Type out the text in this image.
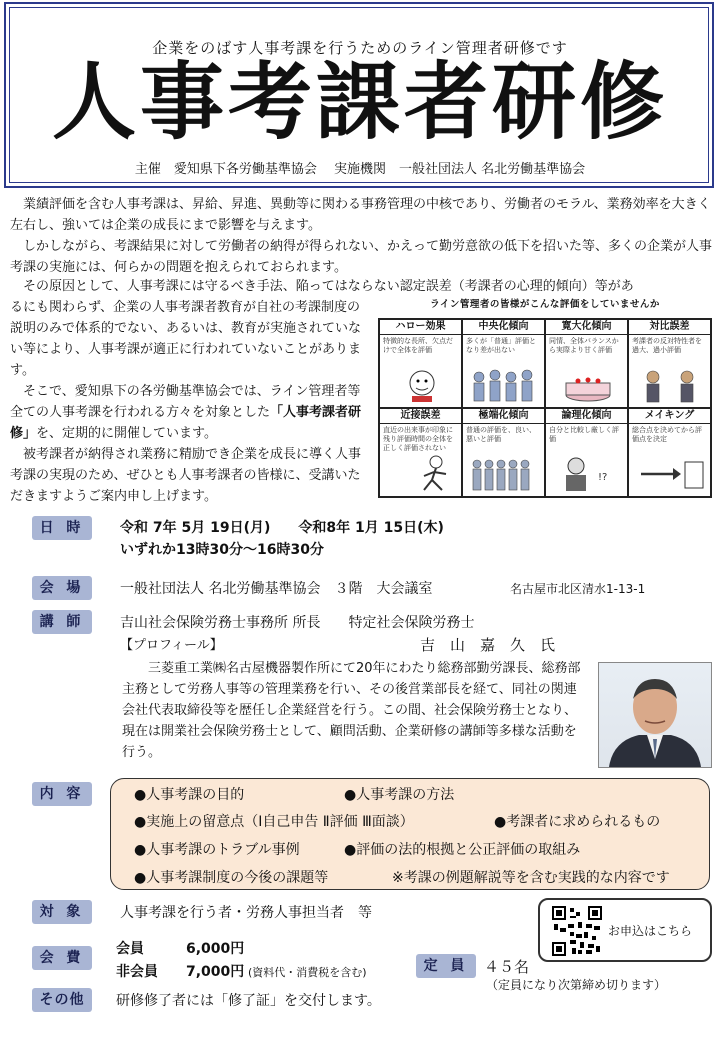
企業をのばす人事考課を行うためのライン管理者研修です
人事考課者研修
主催　愛知県下各労働基準協会　 実施機関　一般社団法人 名北労働基準協会
　業績評価を含む人事考課は、昇給、昇進、異動等に関わる事務管理の中核であり、労働者のモラル、業務効率を大きく左右し、強いては企業の成長にまで影響を与えます。
　しかしながら、考課結果に対して労働者の納得が得られない、かえって勤労意欲の低下を招いた等、多くの企業が人事考課の実施には、何らかの問題を抱えられておられます。
　その原因として、人事考課には守るべき手法、陥ってはならない認定誤差（考課者の心理的傾向）等があ
るにも関わらず、企業の人事考課者教育が自社の考課制度の説明のみで体系的でない、あるいは、教育が実施されていない等により、人事考課が適正に行われていないことがあります。
　そこで、愛知県下の各労働基準協会では、ライン管理者等全ての人事考課を行われる方々を対象とした「人事考課者研修」を、定期的に開催しています。
　被考課者が納得され業務に精励でき企業を成長に導く人事考課の実現のため、ぜひとも人事考課者の皆様に、受講いただきますようご案内申し上げます。
ライン管理者の皆様がこんな評価をしていませんか
ハロー効果
特徴的な長所、欠点だけで全体を評価
中央化傾向
多くが「普通」評価となり差が出ない
寛大化傾向
同情、全体バランスから実際より甘く評価
対比誤差
考課者の反対特性者を過大、過小評価
近接誤差
直近の出来事が印象に残り評価時間の全体を正しく評価されない
極端化傾向
普通の評価を、良い、悪いと評価
論理化傾向
自分と比較し厳しく評価
!?
メイキング
総合点を決めてから評価点を決定
日 時	令和 7年 5月 19日(月)　　令和8年 1月 15日(木)
いずれか13時30分～16時30分
会 場	一般社団法人 名北労働基準協会　３階　大会議室	名古屋市北区清水1-13-1
講 師	吉山社会保険労務士事務所 所長　　特定社会保険労務士
【プロフィール】	吉　山　嘉　久　氏
三菱重工業㈱名古屋機器製作所にて20年にわたり総務部勤労課長、総務部主務として労務人事等の管理業務を行い、その後営業部長を経て、同社の関連会社代表取締役等を歴任し企業経営を行う。この間、社会保険労務士となり、現在は開業社会保険労務士として、顧問活動、企業研修の講師等多様な活動を行う。
内 容	●人事考課の目的	●人事考課の方法
●実施上の留意点（Ⅰ自己申告 Ⅱ評価 Ⅲ面談）	●考課者に求められるもの
●人事考課のトラブル事例	●評価の法的根拠と公正評価の取組み
●人事考課制度の今後の課題等	※考課の例題解説等を含む実践的な内容です
対 象	人事考課を行う者・労務人事担当者　等
お申込はこちら
会 費
会員	6,000円
非会員 7,000円 (資料代・消費税を含む)	定 員	４５名
（定員になり次第締め切ります）
その他	研修修了者には「修了証」を交付します。
